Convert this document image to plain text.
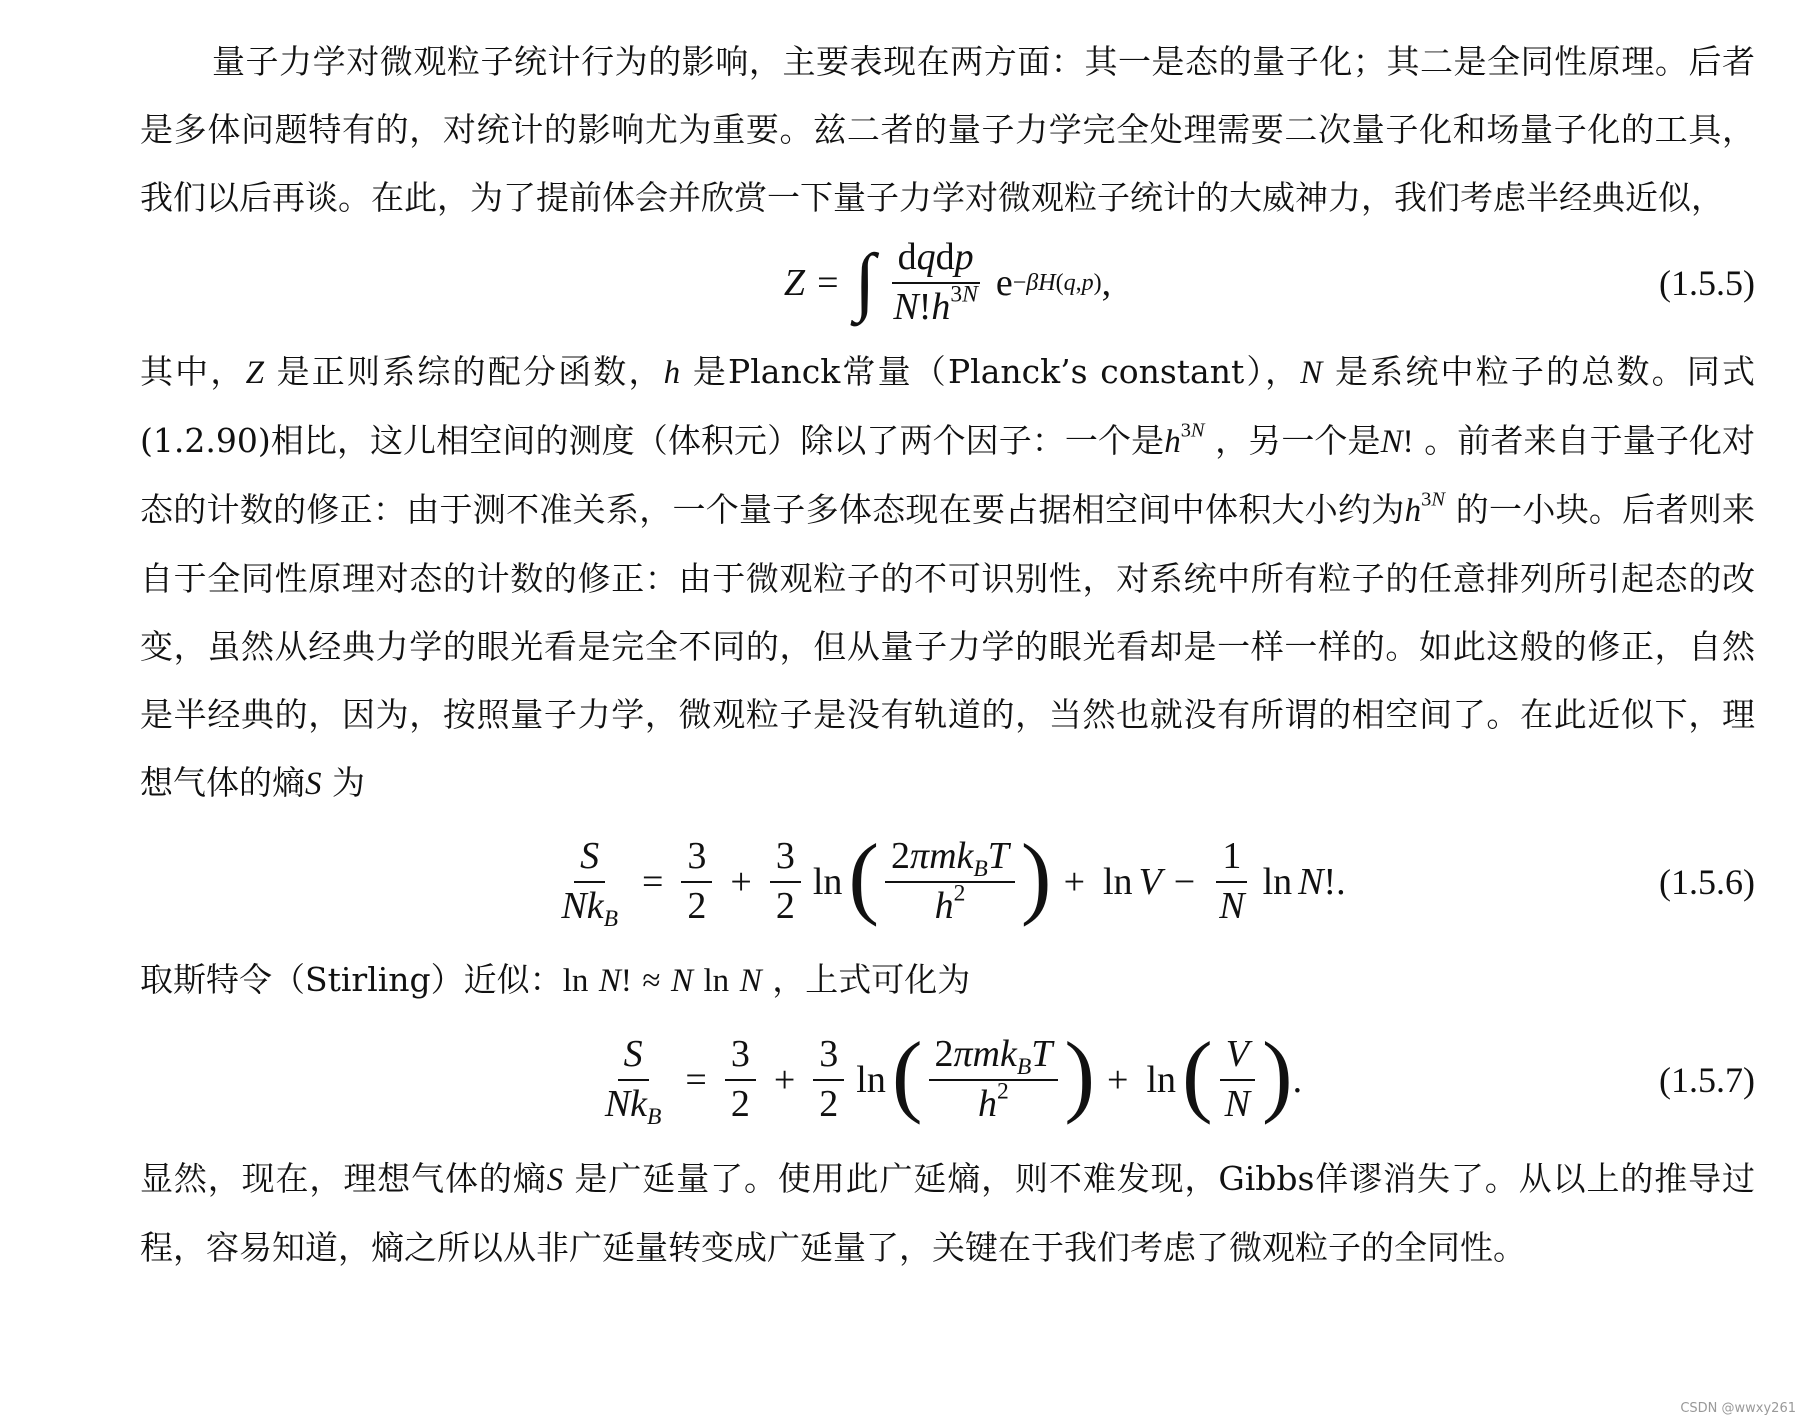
量子力学对微观粒子统计行为的影响，主要表现在两方面：其一是态的量子化；其二是全同性原理。后者是多体问题特有的，对统计的影响尤为重要。兹二者的量子力学完全处理需要二次量子化和场量子化的工具，我们以后再谈。在此，为了提前体会并欣赏一下量子力学对微观粒子统计的大威神力，我们考虑半经典近似，

Z = ∫ $\frac{\text{dqdp}}{N!h^{3N}}$ e −βH(q,p) ,	(1.5.5)

其中，Z 是正则系综的配分函数，h 是Planck常量（Planck’s constant），N 是系统中粒子的总数。同式(1.2.90)相比，这儿相空间的测度（体积元）除以了两个因子：一个是$h^{3N}$ ，另一个是N! 。前者来自于量子化对态的计数的修正：由于测不准关系，一个量子多体态现在要占据相空间中体积大小约为$h^{3N}$ 的一小块。后者则来自于全同性原理对态的计数的修正：由于微观粒子的不可识别性，对系统中所有粒子的任意排列所引起态的改变，虽然从经典力学的眼光看是完全不同的，但从量子力学的眼光看却是一样一样的。如此这般的修正，自然是半经典的，因为，按照量子力学，微观粒子是没有轨道的，当然也就没有所谓的相空间了。在此近似下，理想气体的熵S 为

$\frac{S}{Nk_B} = \frac{3}{2} + \frac{3}{2}$ ln ( $\frac{2\pi mk_BT}{h^2}$ ) + $\ln V - \frac{1}{N}$ ln N !.	(1.5.6)

取斯特令（Stirling）近似：ln N! ≈ N ln N ，上式可化为

$\frac{S}{Nk_B} = \frac{3}{2} + \frac{3}{2}$ ln ( $\frac{2\pi mk_BT}{h^2}$ ) + ln ( $\frac{V}{N}$ ) .	(1.5.7)

显然，现在，理想气体的熵S 是广延量了。使用此广延熵，则不难发现，Gibbs佯谬消失了。从以上的推导过程，容易知道，熵之所以从非广延量转变成广延量了，关键在于我们考虑了微观粒子的全同性。

CSDN @wwxy261
